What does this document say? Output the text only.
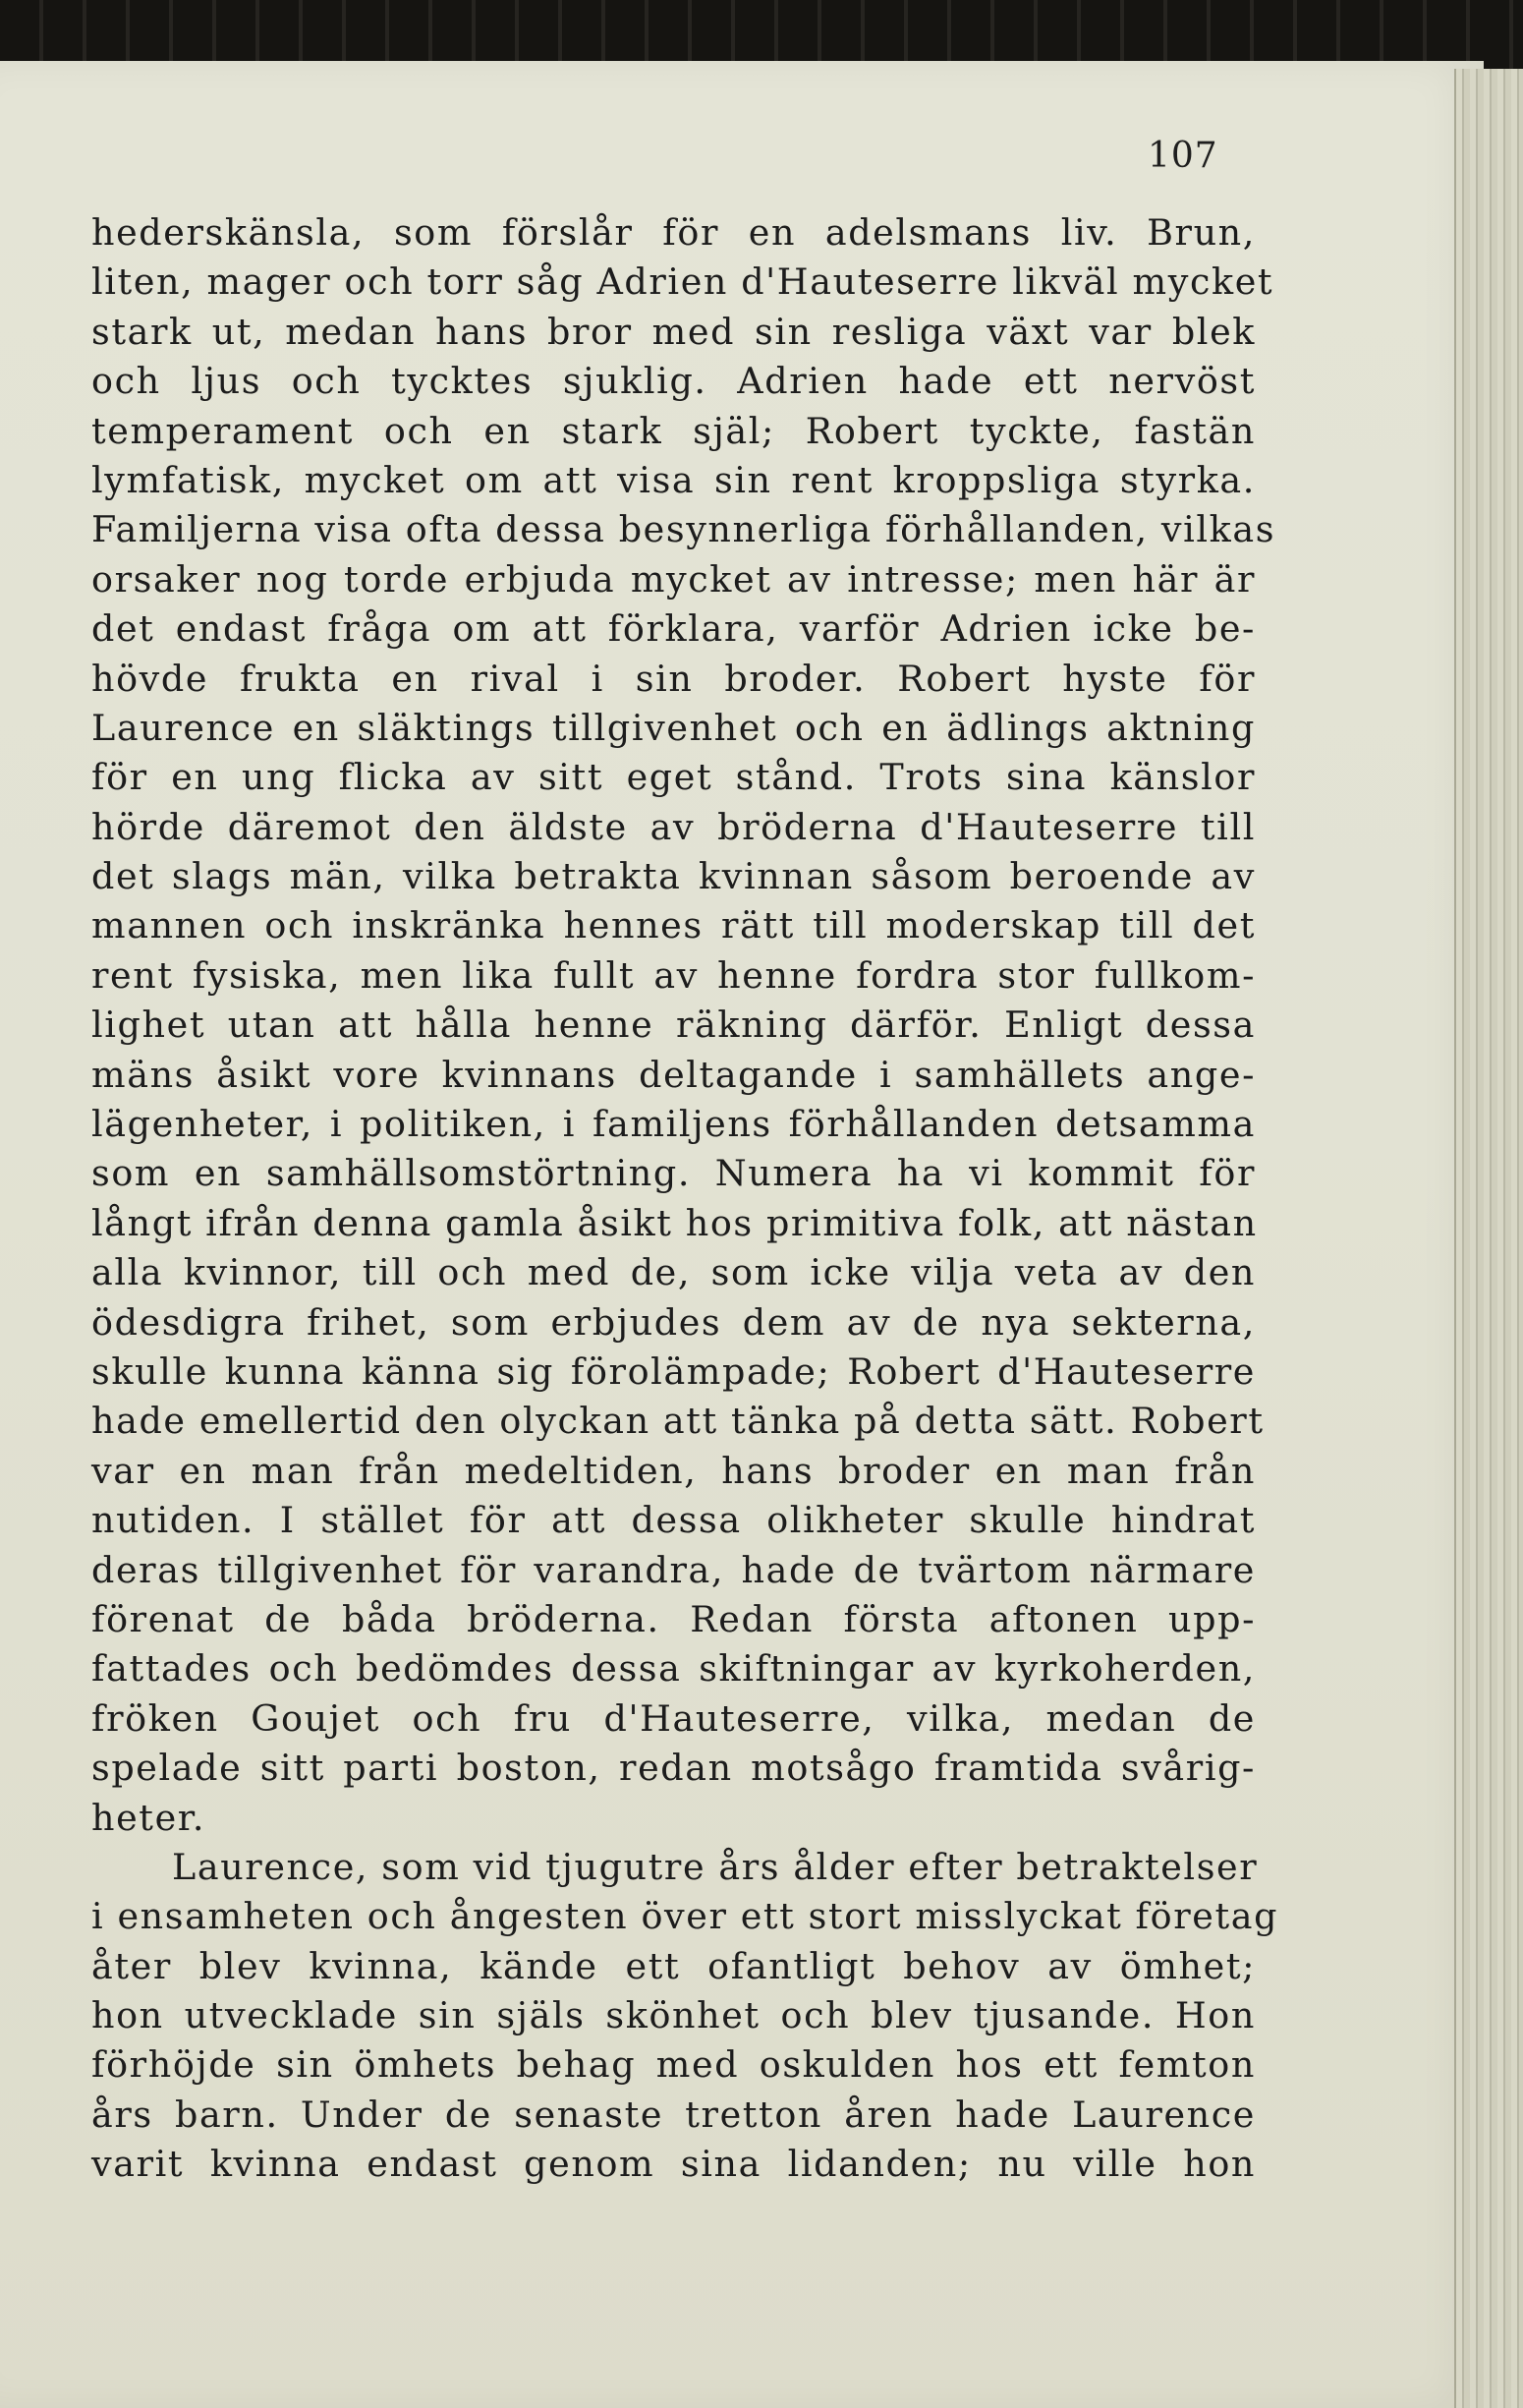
107
hederskänsla, som förslår för en adelsmans liv. Brun,
liten, mager och torr såg Adrien d'Hauteserre likväl mycket
stark ut, medan hans bror med sin resliga växt var blek
och ljus och tycktes sjuklig. Adrien hade ett nervöst
temperament och en stark själ; Robert tyckte, fastän
lymfatisk, mycket om att visa sin rent kroppsliga styrka.
Familjerna visa ofta dessa besynnerliga förhållanden, vilkas
orsaker nog torde erbjuda mycket av intresse; men här är
det endast fråga om att förklara, varför Adrien icke be-
hövde frukta en rival i sin broder. Robert hyste för
Laurence en släktings tillgivenhet och en ädlings aktning
för en ung flicka av sitt eget stånd. Trots sina känslor
hörde däremot den äldste av bröderna d'Hauteserre till
det slags män, vilka betrakta kvinnan såsom beroende av
mannen och inskränka hennes rätt till moderskap till det
rent fysiska, men lika fullt av henne fordra stor fullkom-
lighet utan att hålla henne räkning därför. Enligt dessa
mäns åsikt vore kvinnans deltagande i samhällets ange-
lägenheter, i politiken, i familjens förhållanden detsamma
som en samhällsomstörtning. Numera ha vi kommit för
långt ifrån denna gamla åsikt hos primitiva folk, att nästan
alla kvinnor, till och med de, som icke vilja veta av den
ödesdigra frihet, som erbjudes dem av de nya sekterna,
skulle kunna känna sig förolämpade; Robert d'Hauteserre
hade emellertid den olyckan att tänka på detta sätt. Robert
var en man från medeltiden, hans broder en man från
nutiden. I stället för att dessa olikheter skulle hindrat
deras tillgivenhet för varandra, hade de tvärtom närmare
förenat de båda bröderna. Redan första aftonen upp-
fattades och bedömdes dessa skiftningar av kyrkoherden,
fröken Goujet och fru d'Hauteserre, vilka, medan de
spelade sitt parti boston, redan motsågo framtida svårig-
heter.
Laurence, som vid tjugutre års ålder efter betraktelser
i ensamheten och ångesten över ett stort misslyckat företag
åter blev kvinna, kände ett ofantligt behov av ömhet;
hon utvecklade sin själs skönhet och blev tjusande. Hon
förhöjde sin ömhets behag med oskulden hos ett femton
års barn. Under de senaste tretton åren hade Laurence
varit kvinna endast genom sina lidanden; nu ville hon
